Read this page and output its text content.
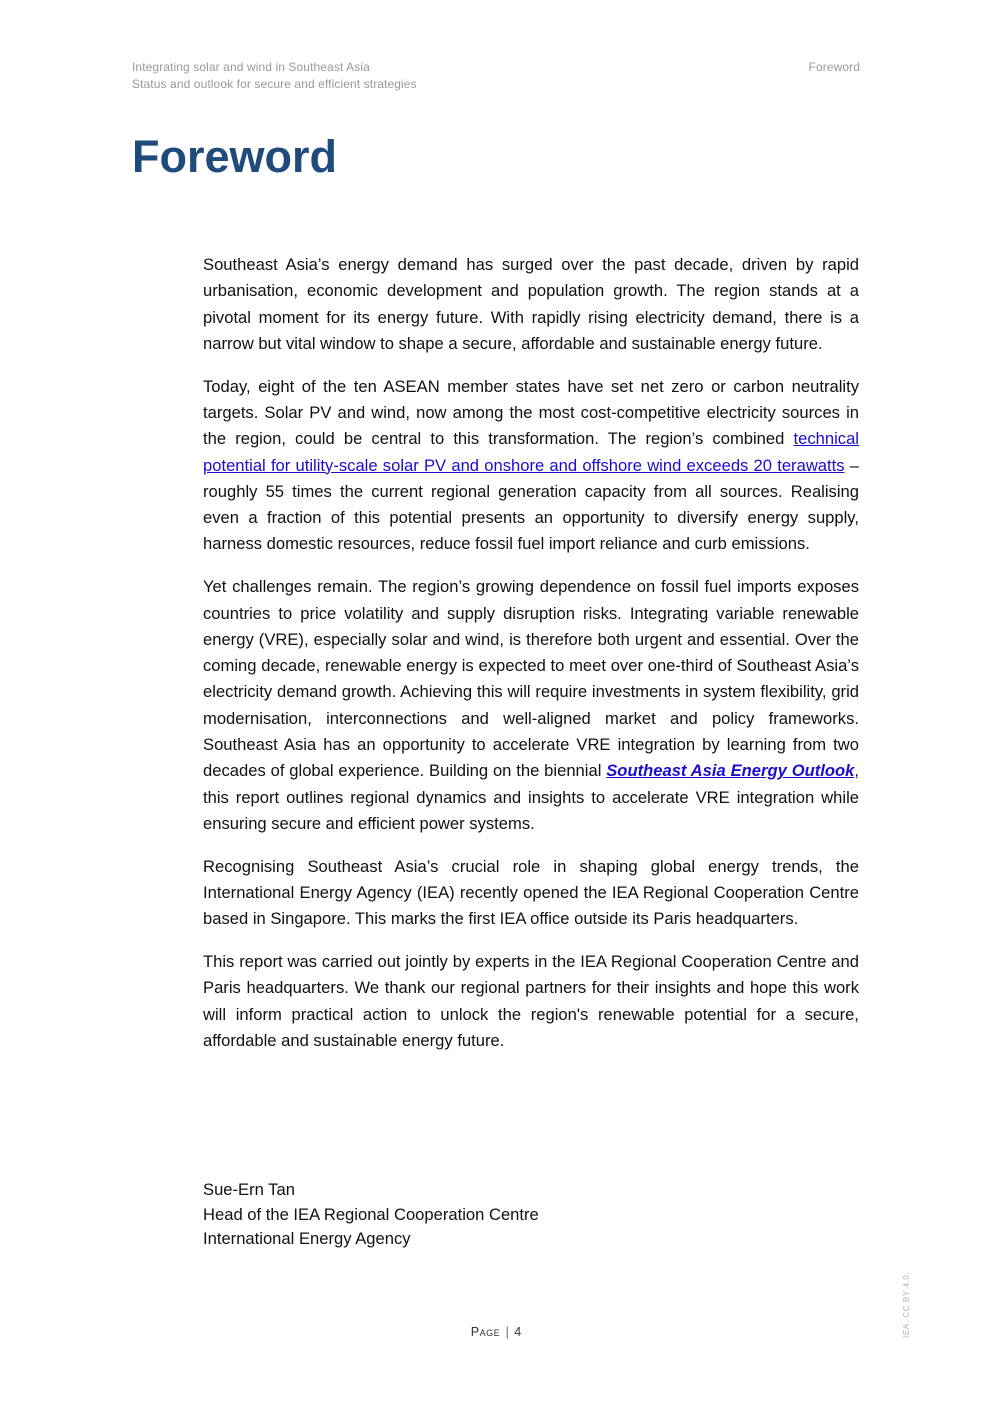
Integrating solar and wind in Southeast Asia
Status and outlook for secure and efficient strategies
Foreword
Foreword

Southeast Asia’s energy demand has surged over the past decade, driven by rapid urbanisation, economic development and population growth. The region stands at a pivotal moment for its energy future. With rapidly rising electricity demand, there is a narrow but vital window to shape a secure, affordable and sustainable energy future.

Today, eight of the ten ASEAN member states have set net zero or carbon neutrality targets. Solar PV and wind, now among the most cost-competitive electricity sources in the region, could be central to this transformation. The region’s combined technical potential for utility-scale solar PV and onshore and offshore wind exceeds 20 terawatts – roughly 55 times the current regional generation capacity from all sources. Realising even a fraction of this potential presents an opportunity to diversify energy supply, harness domestic resources, reduce fossil fuel import reliance and curb emissions.

Yet challenges remain. The region’s growing dependence on fossil fuel imports exposes countries to price volatility and supply disruption risks. Integrating variable renewable energy (VRE), especially solar and wind, is therefore both urgent and essential. Over the coming decade, renewable energy is expected to meet over one-third of Southeast Asia’s electricity demand growth. Achieving this will require investments in system flexibility, grid modernisation, interconnections and well-aligned market and policy frameworks. Southeast Asia has an opportunity to accelerate VRE integration by learning from two decades of global experience. Building on the biennial Southeast Asia Energy Outlook, this report outlines regional dynamics and insights to accelerate VRE integration while ensuring secure and efficient power systems.

Recognising Southeast Asia’s crucial role in shaping global energy trends, the International Energy Agency (IEA) recently opened the IEA Regional Cooperation Centre based in Singapore. This marks the first IEA office outside its Paris headquarters.

This report was carried out jointly by experts in the IEA Regional Cooperation Centre and Paris headquarters. We thank our regional partners for their insights and hope this work will inform practical action to unlock the region's renewable potential for a secure, affordable and sustainable energy future.

Sue-Ern Tan
Head of the IEA Regional Cooperation Centre
International Energy Agency
Page | 4	IEA. CC BY 4.0.
